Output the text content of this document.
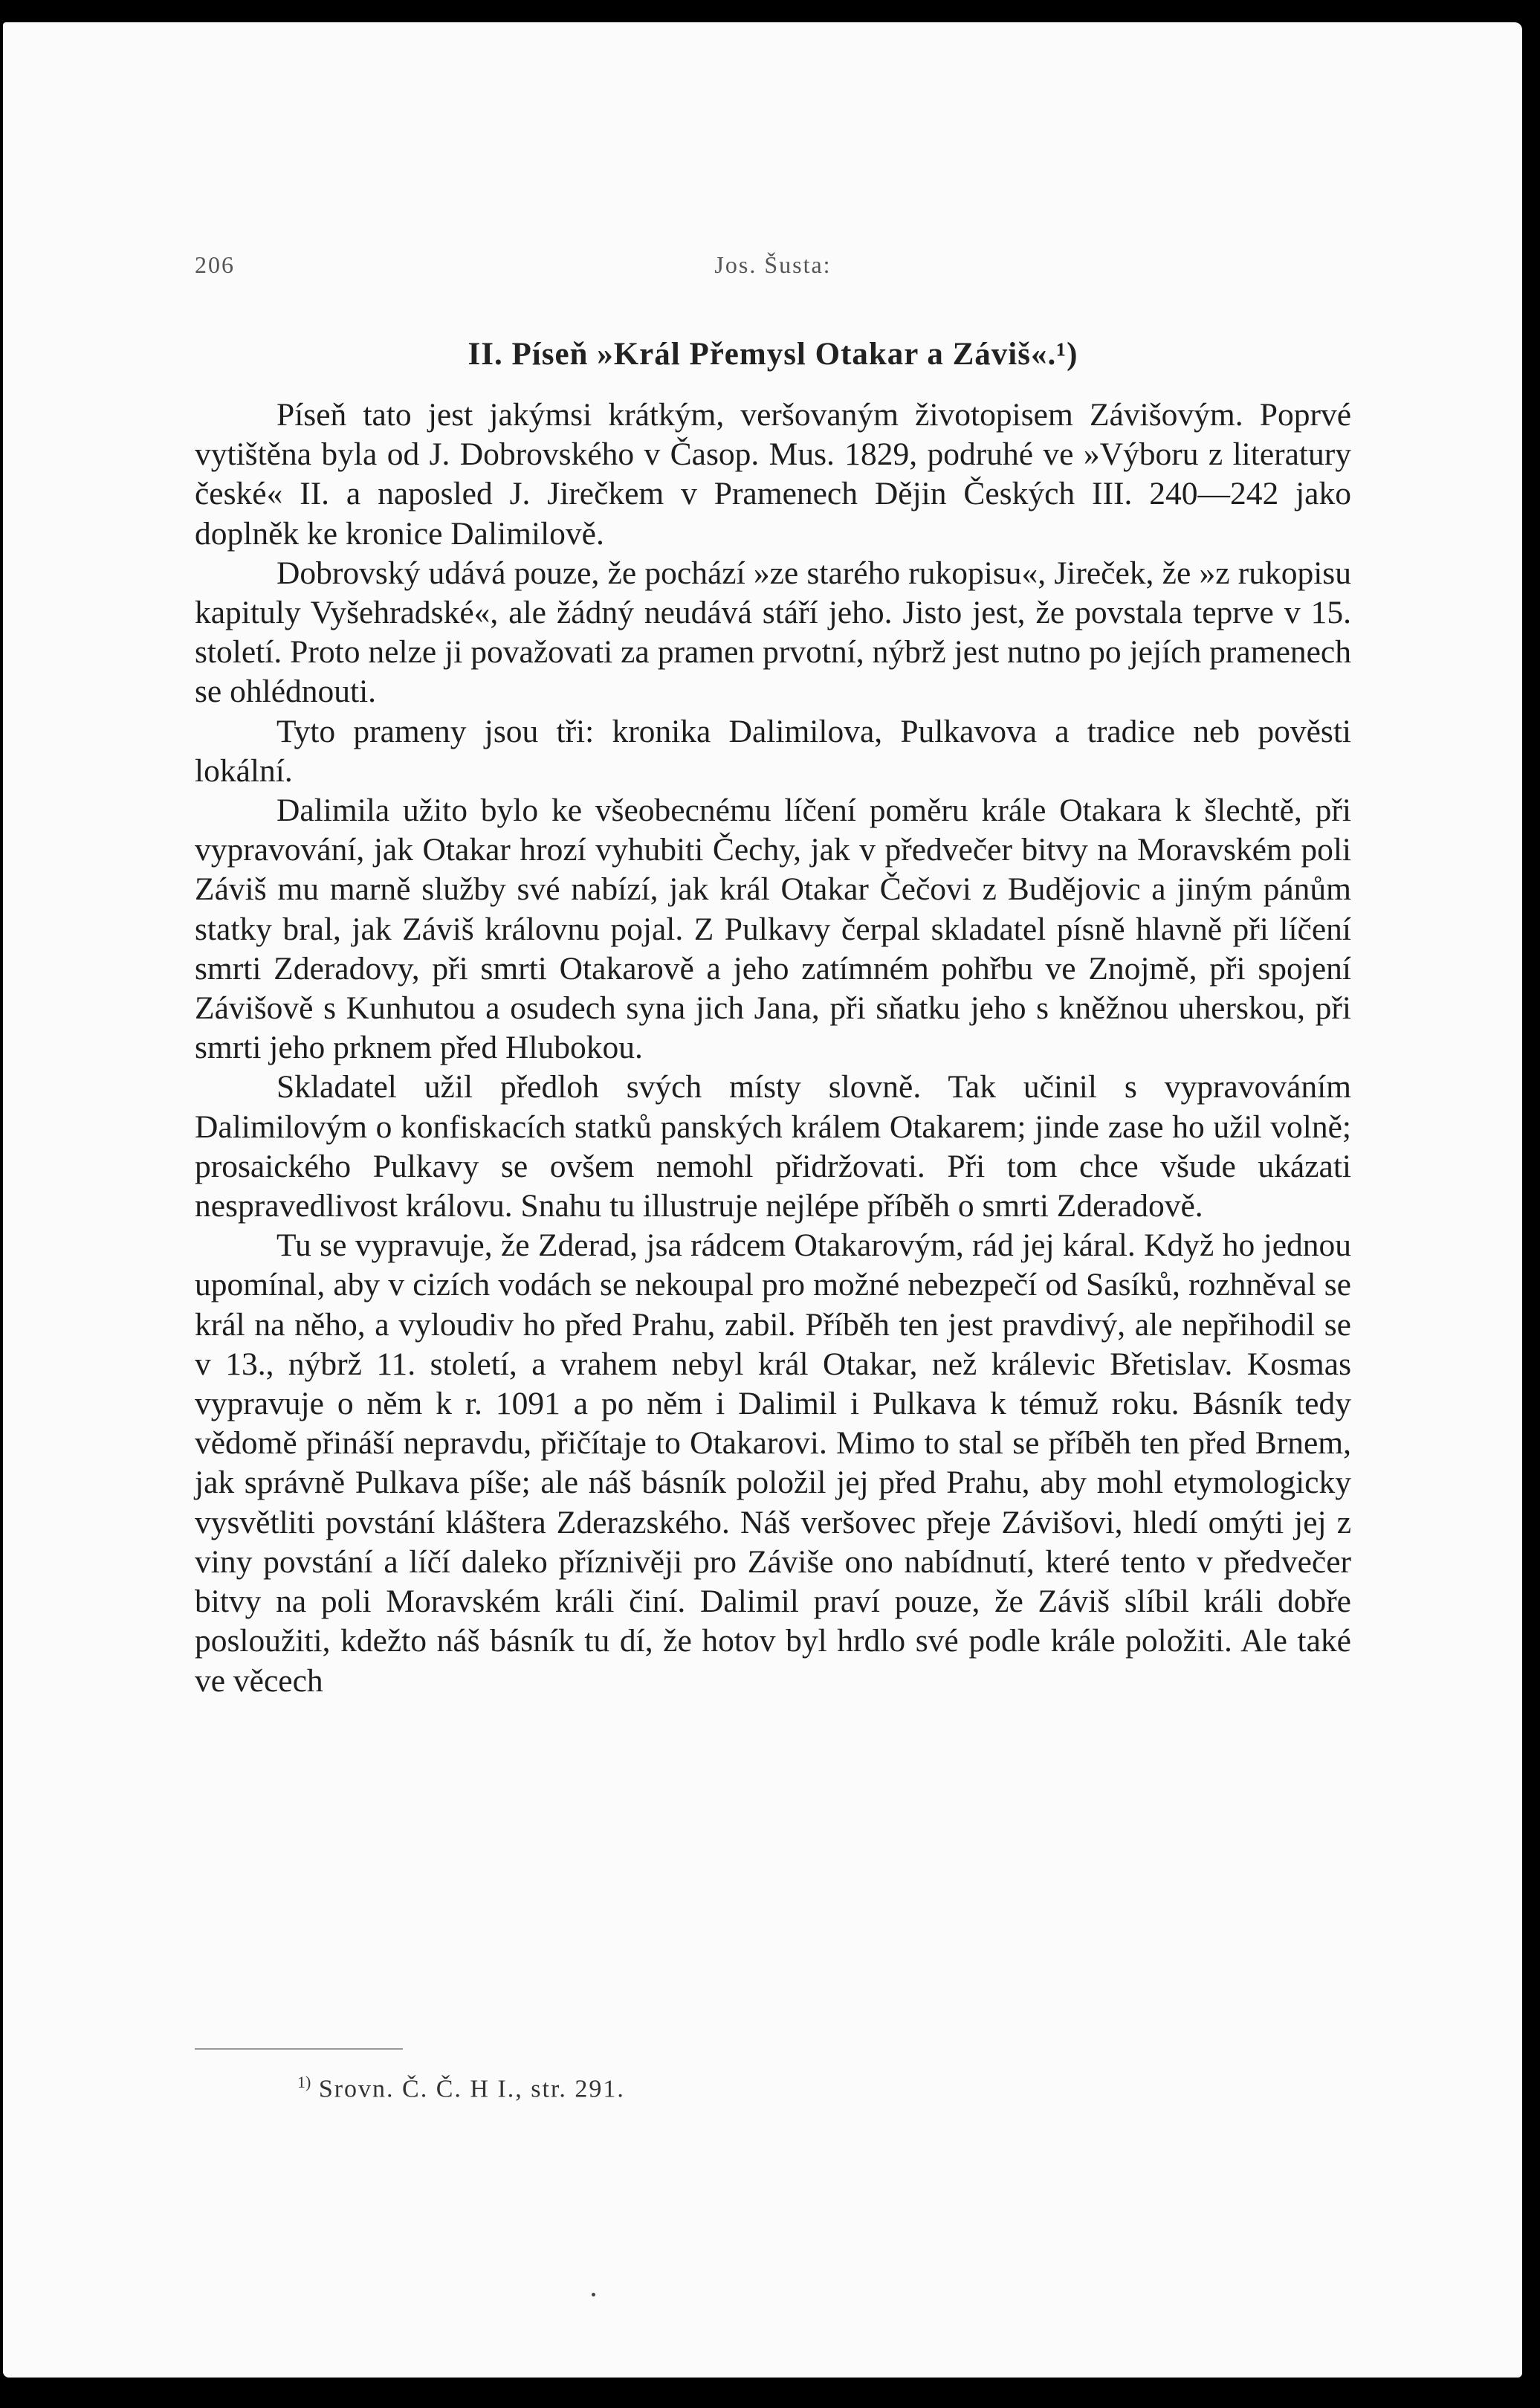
206	Jos. Šusta:
II. Píseň »Král Přemysl Otakar a Záviš«.¹)

Píseň tato jest jakýmsi krátkým, veršovaným životopisem Závišovým. Poprvé vytištěna byla od J. Dobrovského v Časop. Mus. 1829, podruhé ve »Výboru z literatury české« II. a naposled J. Jirečkem v Pramenech Dějin Českých III. 240—242 jako doplněk ke kronice Dalimilově.

Dobrovský udává pouze, že pochází »ze starého rukopisu«, Jireček, že »z rukopisu kapituly Vyšehradské«, ale žádný neudává stáří jeho. Jisto jest, že povstala teprve v 15. století. Proto nelze ji považovati za pramen prvotní, nýbrž jest nutno po jejích pramenech se ohlédnouti.

Tyto prameny jsou tři: kronika Dalimilova, Pulkavova a tradice neb pověsti lokální.

Dalimila užito bylo ke všeobecnému líčení poměru krále Otakara k šlechtě, při vypravování, jak Otakar hrozí vyhubiti Čechy, jak v předvečer bitvy na Moravském poli Záviš mu marně služby své nabízí, jak král Otakar Čečovi z Budějovic a jiným pánům statky bral, jak Záviš královnu pojal. Z Pulkavy čerpal skladatel písně hlavně při líčení smrti Zderadovy, při smrti Otakarově a jeho zatímném pohřbu ve Znojmě, při spojení Závišově s Kunhutou a osudech syna jich Jana, při sňatku jeho s kněžnou uherskou, při smrti jeho prknem před Hlubokou.

Skladatel užil předloh svých místy slovně. Tak učinil s vypravováním Dalimilovým o konfiskacích statků panských králem Otakarem; jinde zase ho užil volně; prosaického Pulkavy se ovšem nemohl přidržovati. Při tom chce všude ukázati nespravedlivost královu. Snahu tu illustruje nejlépe příběh o smrti Zderadově.

Tu se vypravuje, že Zderad, jsa rádcem Otakarovým, rád jej káral. Když ho jednou upomínal, aby v cizích vodách se nekoupal pro možné nebezpečí od Sasíků, rozhněval se král na něho, a vyloudiv ho před Prahu, zabil. Příběh ten jest pravdivý, ale nepřihodil se v 13., nýbrž 11. století, a vrahem nebyl král Otakar, než králevic Břetislav. Kosmas vypravuje o něm k r. 1091 a po něm i Dalimil i Pulkava k témuž roku. Básník tedy vědomě přináší nepravdu, přičítaje to Otakarovi. Mimo to stal se příběh ten před Brnem, jak správně Pulkava píše; ale náš básník položil jej před Prahu, aby mohl etymologicky vysvětliti povstání kláštera Zderazského. Náš veršovec přeje Závišovi, hledí omýti jej z viny povstání a líčí daleko příznivěji pro Záviše ono nabídnutí, které tento v předvečer bitvy na poli Moravském králi činí. Dalimil praví pouze, že Záviš slíbil králi dobře posloužiti, kdežto náš básník tu dí, že hotov byl hrdlo své podle krále položiti. Ale také ve věcech

$^{1)}$ Srovn. Č. Č. H I., str. 291.
